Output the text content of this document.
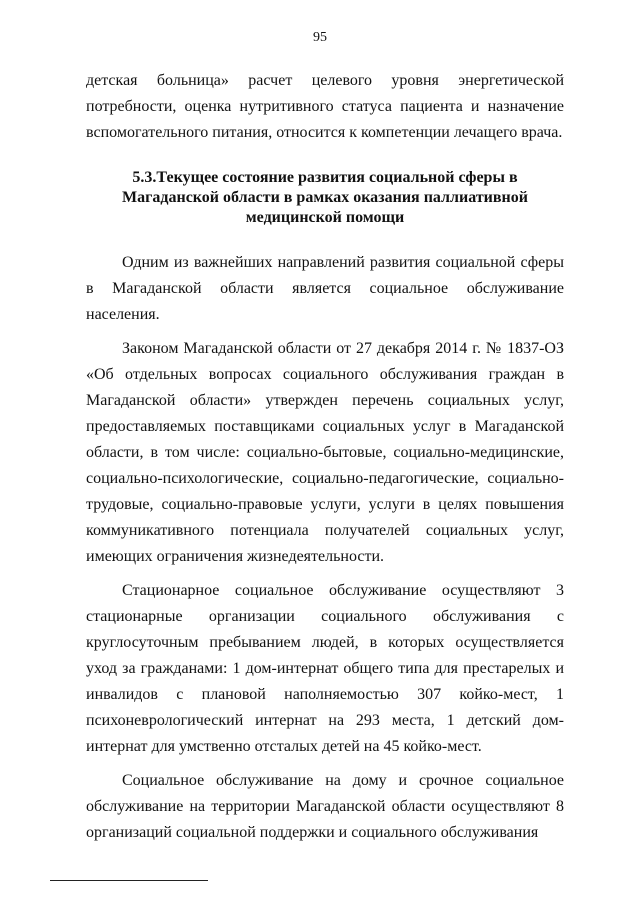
95

детская больница» расчет целевого уровня энергетической потребности, оценка нутритивного статуса пациента и назначение вспомогательного питания, относится к компетенции лечащего врача.

5.3.Текущее состояние развития социальной сферы в Магаданской области в рамках оказания паллиативной медицинской помощи

Одним из важнейших направлений развития социальной сферы в Магаданской области является социальное обслуживание населения.

Законом Магаданской области от 27 декабря 2014 г. № 1837-ОЗ «Об отдельных вопросах социального обслуживания граждан в Магаданской области» утвержден перечень социальных услуг, предоставляемых поставщиками социальных услуг в Магаданской области, в том числе: социально-бытовые, социально-медицинские, социально-психологические, социально-педагогические, социально-трудовые, социально-правовые услуги, услуги в целях повышения коммуникативного потенциала получателей социальных услуг, имеющих ограничения жизнедеятельности.

Стационарное социальное обслуживание осуществляют 3 стационарные организации социального обслуживания с круглосуточным пребыванием людей, в которых осуществляется уход за гражданами: 1 дом-интернат общего типа для престарелых и инвалидов с плановой наполняемостью 307 койко-мест, 1 психоневрологический интернат на 293 места, 1 детский дом-интернат для умственно отсталых детей на 45 койко-мест.

Социальное обслуживание на дому и срочное социальное обслуживание на территории Магаданской области осуществляют 8 организаций социальной поддержки и социального обслуживания
